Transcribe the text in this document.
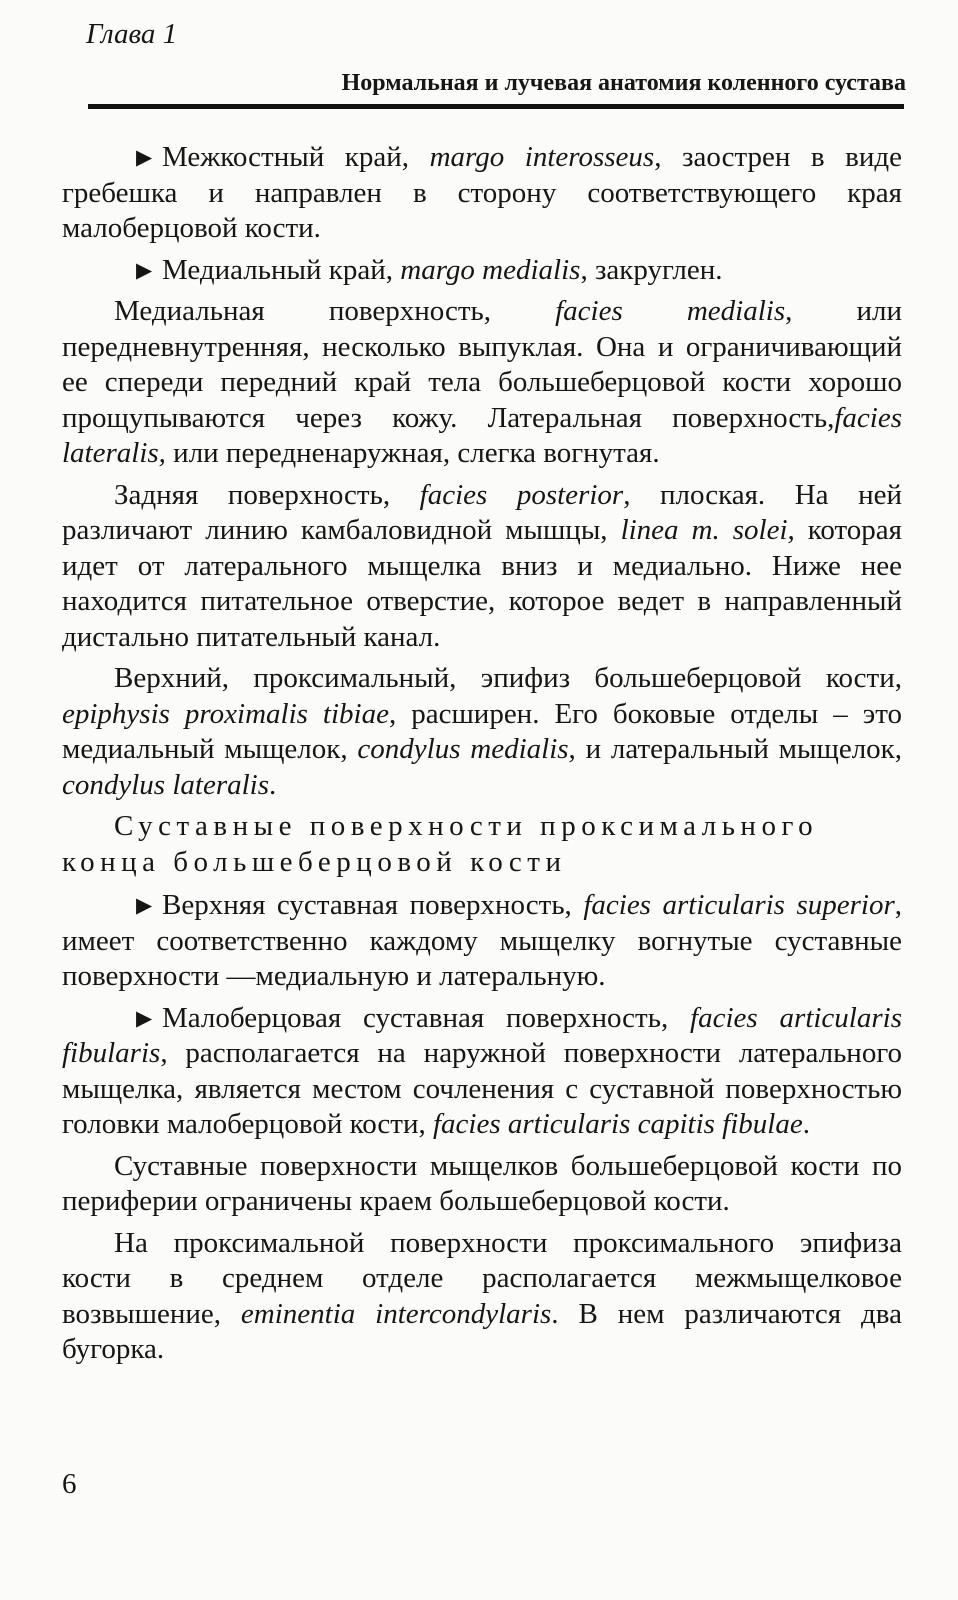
Глава 1
Нормальная и лучевая анатомия коленного сустава

▶ Межкостный край, margo interosseus, заострен в виде гребешка и направлен в сторону соответствующего края малоберцовой кости.

▶ Медиальный край, margo medialis, закруглен.

Медиальная поверхность, facies medialis, или передневнутренняя, несколько выпуклая. Она и ограничивающий ее спереди передний край тела большеберцовой кости хорошо прощупываются через кожу. Латеральная поверхность,facies lateralis, или передненаружная, слегка вогнутая.

Задняя поверхность, facies posterior, плоская. На ней различают линию камбаловидной мышцы, linea m. solei, которая идет от латерального мыщелка вниз и медиально. Ниже нее находится питательное отверстие, которое ведет в направленный дистально питательный канал.

Верхний, проксимальный, эпифиз большеберцовой кости, epiphysis proximalis tibiae, расширен. Его боковые отделы – это медиальный мыщелок, condylus medialis, и латеральный мыщелок, condylus lateralis.

Суставные поверхности проксимального конца большеберцовой кости

▶ Верхняя суставная поверхность, facies articularis superior, имеет соответственно каждому мыщелку вогнутые суставные поверхности —медиальную и латеральную.

▶ Малоберцовая суставная поверхность, facies articularis fibularis, располагается на наружной поверхности латерального мыщелка, является местом сочленения с суставной поверхностью головки малоберцовой кости, facies articularis capitis fibulae.

Суставные поверхности мыщелков большеберцовой кости по периферии ограничены краем большеберцовой кости.

На проксимальной поверхности проксимального эпифиза кости в среднем отделе располагается межмыщелковое возвышение, eminentia intercondylaris. В нем различаются два бугорка.

6
